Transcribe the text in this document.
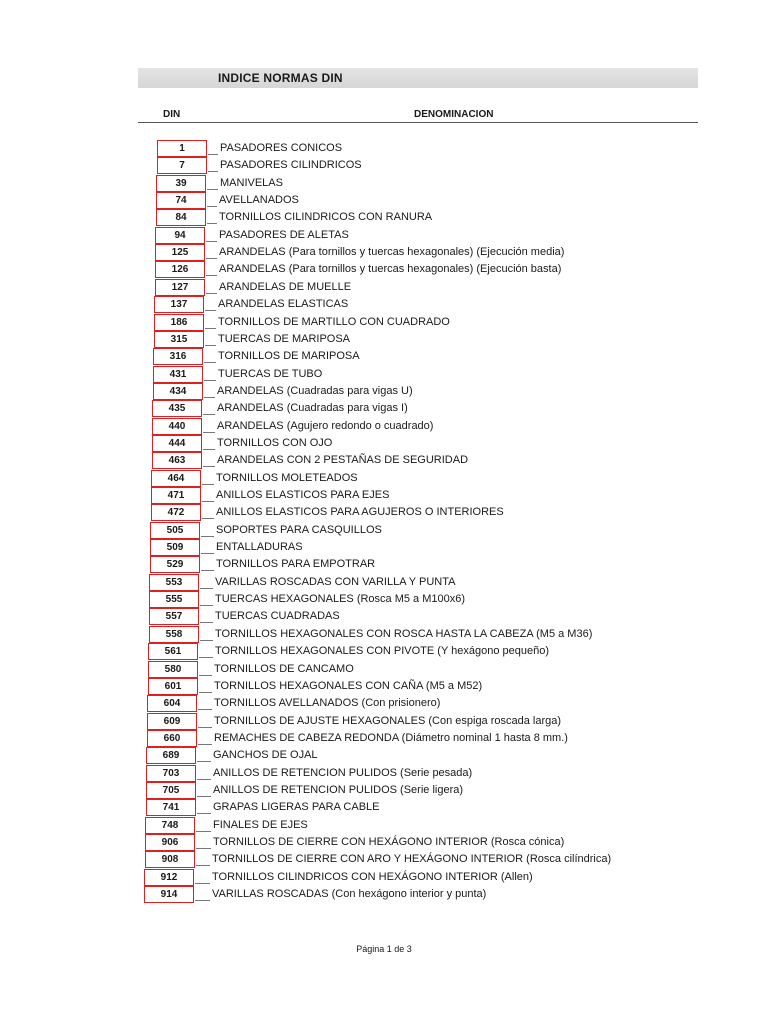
INDICE NORMAS DIN
DIN	DENOMINACION
1	PASADORES CONICOS
7	PASADORES CILINDRICOS
39	MANIVELAS
74	AVELLANADOS
84	TORNILLOS CILINDRICOS CON RANURA
94	PASADORES DE ALETAS
125	ARANDELAS (Para tornillos y tuercas hexagonales) (Ejecución media)
126	ARANDELAS (Para tornillos y tuercas hexagonales) (Ejecución basta)
127	ARANDELAS DE MUELLE
137	ARANDELAS ELASTICAS
186	TORNILLOS DE MARTILLO CON CUADRADO
315	TUERCAS DE MARIPOSA
316	TORNILLOS DE MARIPOSA
431	TUERCAS DE TUBO
434	ARANDELAS (Cuadradas para vigas U)
435	ARANDELAS (Cuadradas para vigas I)
440	ARANDELAS (Agujero redondo o cuadrado)
444	TORNILLOS CON OJO
463	ARANDELAS CON 2 PESTAÑAS DE SEGURIDAD
464	TORNILLOS MOLETEADOS
471	ANILLOS ELASTICOS PARA EJES
472	ANILLOS ELASTICOS PARA AGUJEROS O INTERIORES
505	SOPORTES PARA CASQUILLOS
509	ENTALLADURAS
529	TORNILLOS PARA EMPOTRAR
553	VARILLAS ROSCADAS CON VARILLA Y PUNTA
555	TUERCAS HEXAGONALES (Rosca M5 a M100x6)
557	TUERCAS CUADRADAS
558	TORNILLOS HEXAGONALES CON ROSCA HASTA LA CABEZA (M5 a M36)
561	TORNILLOS HEXAGONALES CON PIVOTE (Y hexágono pequeño)
580	TORNILLOS DE CANCAMO
601	TORNILLOS HEXAGONALES CON CAÑA (M5 a M52)
604	TORNILLOS AVELLANADOS (Con prisionero)
609	TORNILLOS DE AJUSTE HEXAGONALES (Con espiga roscada larga)
660	REMACHES DE CABEZA REDONDA (Diámetro nominal 1 hasta 8 mm.)
689	GANCHOS DE OJAL
703	ANILLOS DE RETENCION PULIDOS (Serie pesada)
705	ANILLOS DE RETENCION PULIDOS (Serie ligera)
741	GRAPAS LIGERAS PARA CABLE
748	FINALES DE EJES
906	TORNILLOS DE CIERRE CON HEXÁGONO INTERIOR (Rosca cónica)
908	TORNILLOS DE CIERRE CON ARO Y HEXÁGONO INTERIOR (Rosca cilíndrica)
912	TORNILLOS CILINDRICOS CON HEXÁGONO INTERIOR (Allen)
914	VARILLAS ROSCADAS (Con hexágono interior y punta)
Página 1 de 3
